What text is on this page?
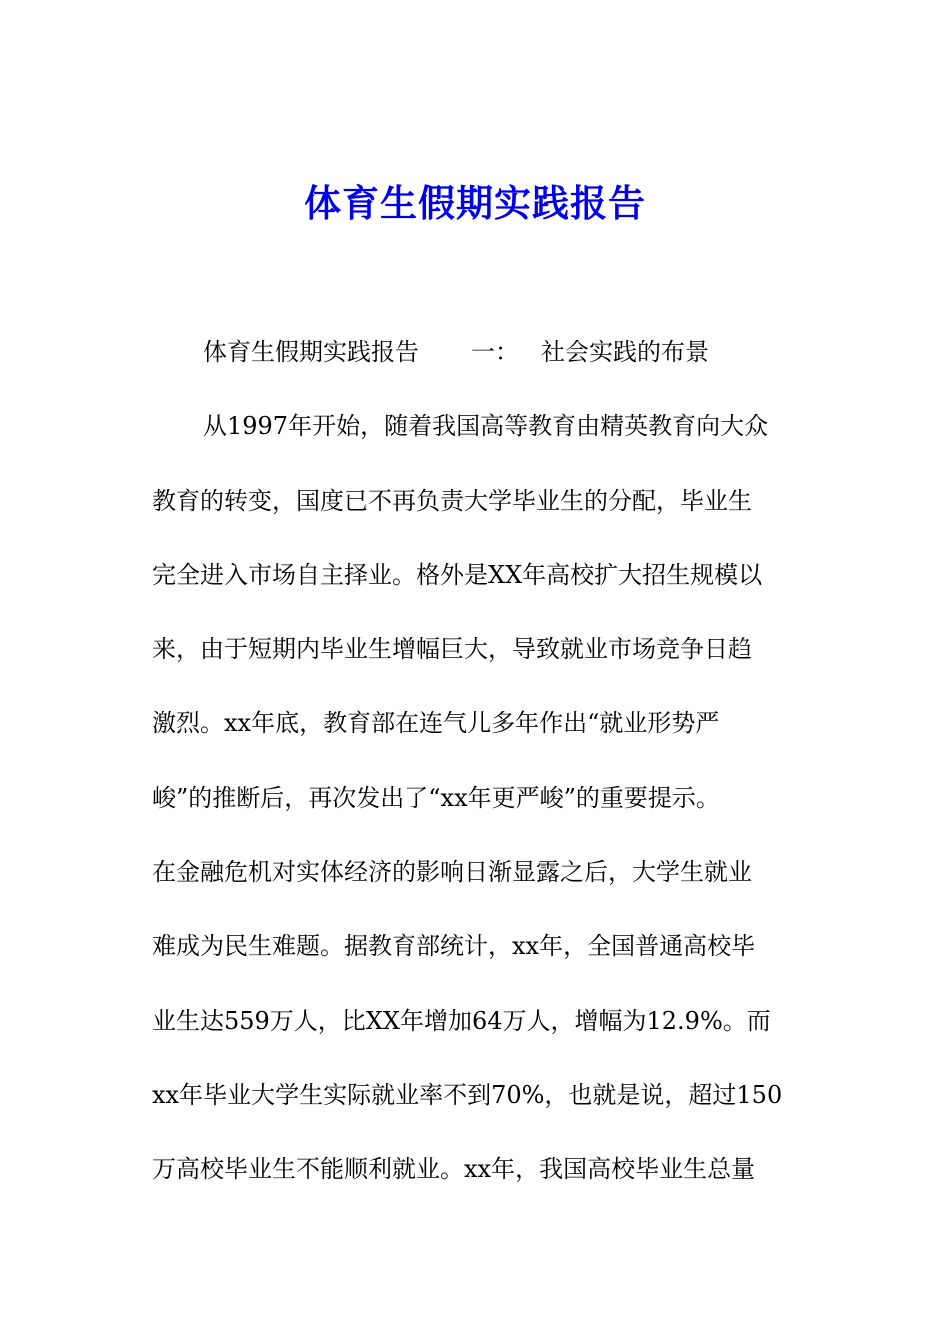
体育生假期实践报告
体育生假期实践报告 一： 社会实践的布景
从1997年开始，随着我国高等教育由精英教育向大众
教育的转变，国度已不再负责大学毕业生的分配，毕业生
完全进入市场自主择业。格外是XX年高校扩大招生规模以
来，由于短期内毕业生增幅巨大，导致就业市场竞争日趋
激烈。xx年底，教育部在连气儿多年作出“就业形势严
峻”的推断后，再次发出了“xx年更严峻”的重要提示。
在金融危机对实体经济的影响日渐显露之后，大学生就业
难成为民生难题。据教育部统计，xx年，全国普通高校毕
业生达559万人，比XX年增加64万人，增幅为12.9%。而
xx年毕业大学生实际就业率不到70%，也就是说，超过150
万高校毕业生不能顺利就业。xx年，我国高校毕业生总量
